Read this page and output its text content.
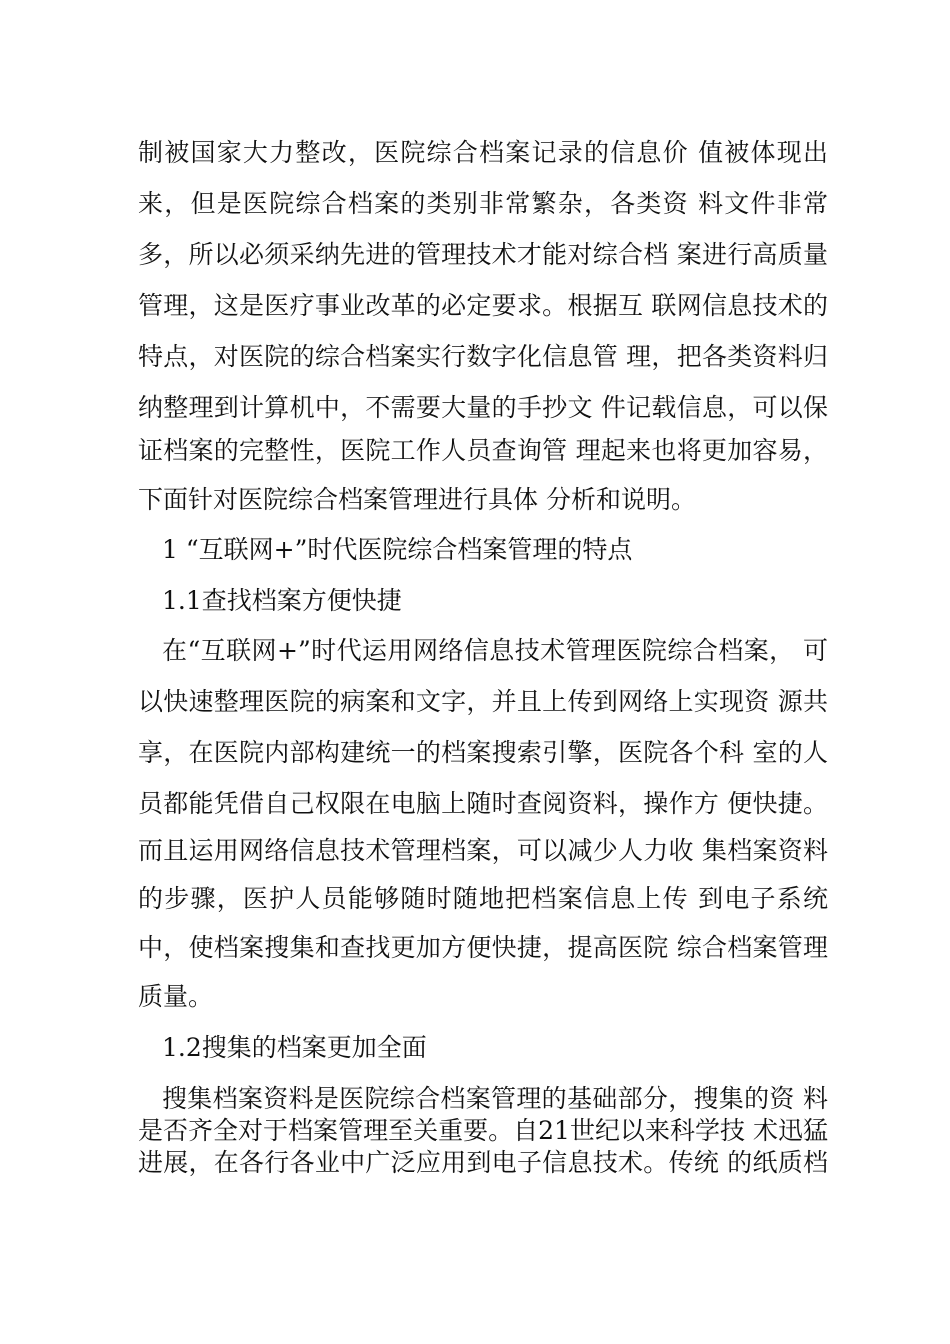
制被国家大力整改，医院综合档案记录的信息价 值被体现出
来，但是医院综合档案的类别非常繁杂，各类资 料文件非常
多，所以必须采纳先进的管理技术才能对综合档 案进行高质量
管理，这是医疗事业改革的必定要求。根据互 联网信息技术的
特点，对医院的综合档案实行数字化信息管 理，把各类资料归
纳整理到计算机中，不需要大量的手抄文 件记载信息，可以保
证档案的完整性，医院工作人员查询管 理起来也将更加容易，
下面针对医院综合档案管理进行具体 分析和说明。
1 “互联网+”时代医院综合档案管理的特点
1.1查找档案方便快捷
在“互联网+”时代运用网络信息技术管理医院综合档案， 可
以快速整理医院的病案和文字，并且上传到网络上实现资 源共
享，在医院内部构建统一的档案搜索引擎，医院各个科 室的人
员都能凭借自己权限在电脑上随时查阅资料，操作方 便快捷。
而且运用网络信息技术管理档案，可以减少人力收 集档案资料
的步骤，医护人员能够随时随地把档案信息上传 到电子系统
中，使档案搜集和查找更加方便快捷，提高医院 综合档案管理
质量。
1.2搜集的档案更加全面
搜集档案资料是医院综合档案管理的基础部分，搜集的资 料
是否齐全对于档案管理至关重要。自21世纪以来科学技 术迅猛
进展，在各行各业中广泛应用到电子信息技术。传统 的纸质档
